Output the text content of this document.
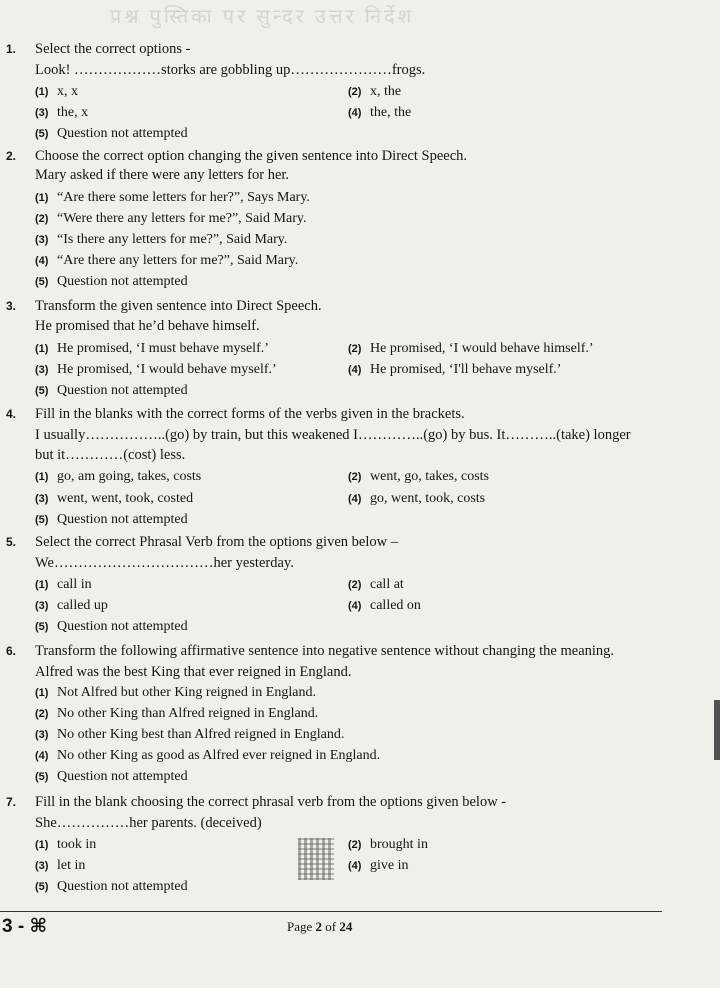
प्रश्न पुस्तिका पर सुन्दर उत्तर निर्देश
1. Select the correct options -
Look! ………………storks are gobbling up…………………frogs.
(1) x, x	(2) x, the
(3) the, x	(4) the, the
(5) Question not attempted
2. Choose the correct option changing the given sentence into Direct Speech.
Mary asked if there were any letters for her.
(1) “Are there some letters for her?”, Says Mary.
(2) “Were there any letters for me?”, Said Mary.
(3) “Is there any letters for me?”, Said Mary.
(4) “Are there any letters for me?”, Said Mary.
(5) Question not attempted
3. Transform the given sentence into Direct Speech.
He promised that he’d behave himself.
(1) He promised, ‘I must behave myself.’	(2) He promised, ‘I would behave himself.’
(3) He promised, ‘I would behave myself.’	(4) He promised, ‘I'll behave myself.’
(5) Question not attempted
4. Fill in the blanks with the correct forms of the verbs given in the brackets.
I usually……………..(go) by train, but this weakened I…………..(go) by bus. It………..(take) longer
but it…………(cost) less.
(1) go, am going, takes, costs	(2) went, go, takes, costs
(3) went, went, took, costed	(4) go, went, took, costs
(5) Question not attempted
5. Select the correct Phrasal Verb from the options given below –
We……………………………her yesterday.
(1) call in	(2) call at
(3) called up	(4) called on
(5) Question not attempted
6. Transform the following affirmative sentence into negative sentence without changing the meaning.
Alfred was the best King that ever reigned in England.
(1) Not Alfred but other King reigned in England.
(2) No other King than Alfred reigned in England.
(3) No other King best than Alfred reigned in England.
(4) No other King as good as Alfred ever reigned in England.
(5) Question not attempted
7. Fill in the blank choosing the correct phrasal verb from the options given below -
She……………her parents. (deceived)
(1) took in	(2) brought in
(3) let in	(4) give in
(5) Question not attempted
3 - ⌘	Page 2 of 24
